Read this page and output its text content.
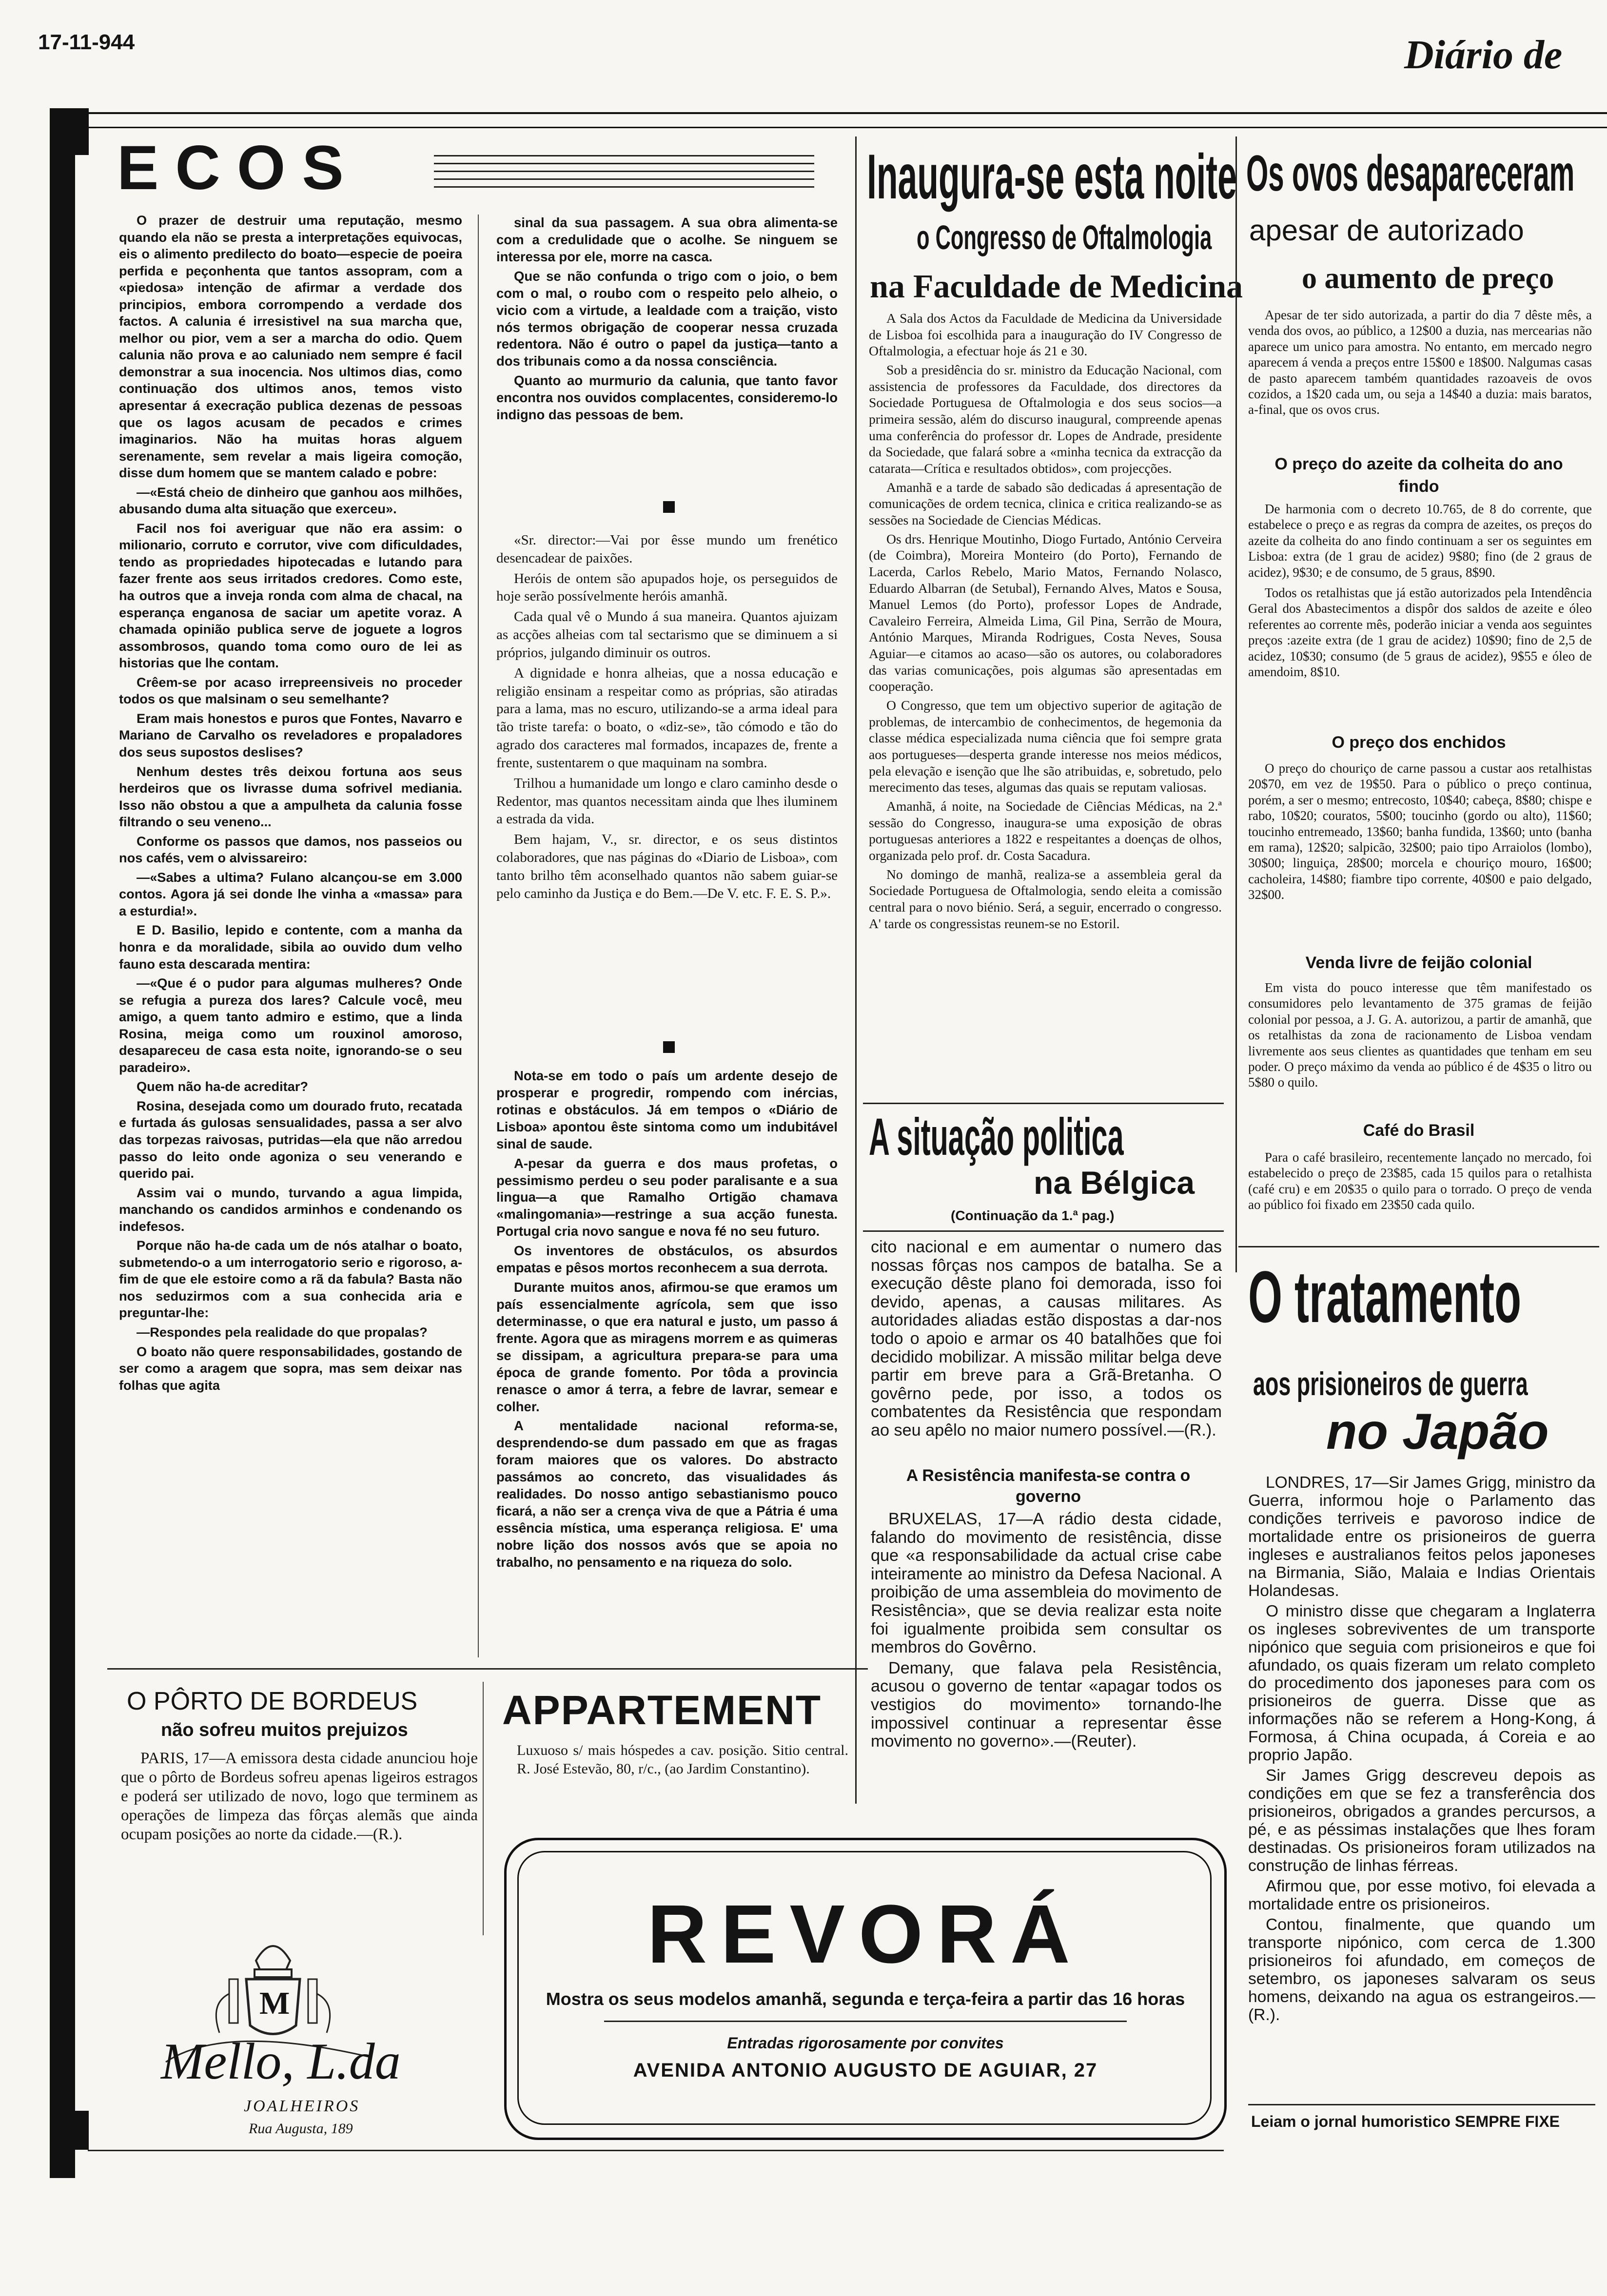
17-11-944	Diário de
ECOS

O prazer de destruir uma reputação, mesmo quando ela não se presta a interpretações equivocas, eis o alimento predilecto do boato—especie de poeira perfida e peçonhenta que tantos assopram, com a «piedosa» intenção de afirmar a verdade dos principios, embora corrompendo a verdade dos factos. A calunia é irresistivel na sua marcha que, melhor ou pior, vem a ser a marcha do odio. Quem calunia não prova e ao caluniado nem sempre é facil demonstrar a sua inocencia. Nos ultimos dias, como continuação dos ultimos anos, temos visto apresentar á execração publica dezenas de pessoas que os lagos acusam de pecados e crimes imaginarios. Não ha muitas horas alguem serenamente, sem revelar a mais ligeira comoção, disse dum homem que se mantem calado e pobre:

—«Está cheio de dinheiro que ganhou aos milhões, abusando duma alta situação que exerceu».

Facil nos foi averiguar que não era assim: o milionario, corruto e corrutor, vive com dificuldades, tendo as propriedades hipotecadas e lutando para fazer frente aos seus irritados credores. Como este, ha outros que a inveja ronda com alma de chacal, na esperança enganosa de saciar um apetite voraz. A chamada opinião publica serve de joguete a logros assombrosos, quando toma como ouro de lei as historias que lhe contam.

Crêem-se por acaso irrepreensiveis no proceder todos os que malsinam o seu semelhante?

Eram mais honestos e puros que Fontes, Navarro e Mariano de Carvalho os reveladores e propaladores dos seus supostos deslises?

Nenhum destes três deixou fortuna aos seus herdeiros que os livrasse duma sofrivel mediania. Isso não obstou a que a ampulheta da calunia fosse filtrando o seu veneno...

Conforme os passos que damos, nos passeios ou nos cafés, vem o alvissareiro:

—«Sabes a ultima? Fulano alcançou-se em 3.000 contos. Agora já sei donde lhe vinha a «massa» para a esturdia!».

E D. Basilio, lepido e contente, com a manha da honra e da moralidade, sibila ao ouvido dum velho fauno esta descarada mentira:

—«Que é o pudor para algumas mulheres? Onde se refugia a pureza dos lares? Calcule você, meu amigo, a quem tanto admiro e estimo, que a linda Rosina, meiga como um rouxinol amoroso, desapareceu de casa esta noite, ignorando-se o seu paradeiro».

Quem não ha-de acreditar?

Rosina, desejada como um dourado fruto, recatada e furtada ás gulosas sensualidades, passa a ser alvo das torpezas raivosas, putridas—ela que não arredou passo do leito onde agoniza o seu venerando e querido pai.

Assim vai o mundo, turvando a agua limpida, manchando os candidos arminhos e condenando os indefesos.

Porque não ha-de cada um de nós atalhar o boato, submetendo-o a um interrogatorio serio e rigoroso, a-fim de que ele estoire como a rã da fabula? Basta não nos seduzirmos com a sua conhecida aria e preguntar-lhe:

—Respondes pela realidade do que propalas?

O boato não quere responsabilidades, gostando de ser como a aragem que sopra, mas sem deixar nas folhas que agita

sinal da sua passagem. A sua obra alimenta-se com a credulidade que o acolhe. Se ninguem se interessa por ele, morre na casca.

Que se não confunda o trigo com o joio, o bem com o mal, o roubo com o respeito pelo alheio, o vicio com a virtude, a lealdade com a traição, visto nós termos obrigação de cooperar nessa cruzada redentora. Não é outro o papel da justiça—tanto a dos tribunais como a da nossa consciência.

Quanto ao murmurio da calunia, que tanto favor encontra nos ouvidos complacentes, consideremo-lo indigno das pessoas de bem.

«Sr. director:—Vai por êsse mundo um frenético desencadear de paixões.

Heróis de ontem são apupados hoje, os perseguidos de hoje serão possívelmente heróis amanhã.

Cada qual vê o Mundo á sua maneira. Quantos ajuizam as acções alheias com tal sectarismo que se diminuem a si próprios, julgando diminuir os outros.

A dignidade e honra alheias, que a nossa educação e religião ensinam a respeitar como as próprias, são atiradas para a lama, mas no escuro, utilizando-se a arma ideal para tão triste tarefa: o boato, o «diz-se», tão cómodo e tão do agrado dos caracteres mal formados, incapazes de, frente a frente, sustentarem o que maquinam na sombra.

Trilhou a humanidade um longo e claro caminho desde o Redentor, mas quantos necessitam ainda que lhes iluminem a estrada da vida.

Bem hajam, V., sr. director, e os seus distintos colaboradores, que nas páginas do «Diario de Lisboa», com tanto brilho têm aconselhado quantos não sabem guiar-se pelo caminho da Justiça e do Bem.—De V. etc. F. E. S. P.».

Nota-se em todo o país um ardente desejo de prosperar e progredir, rompendo com inércias, rotinas e obstáculos. Já em tempos o «Diário de Lisboa» apontou êste sintoma como um indubitável sinal de saude.

A-pesar da guerra e dos maus profetas, o pessimismo perdeu o seu poder paralisante e a sua lingua—a que Ramalho Ortigão chamava «malingomania»—restringe a sua acção funesta. Portugal cria novo sangue e nova fé no seu futuro.

Os inventores de obstáculos, os absurdos empatas e pêsos mortos reconhecem a sua derrota.

Durante muitos anos, afirmou-se que eramos um país essencialmente agrícola, sem que isso determinasse, o que era natural e justo, um passo á frente. Agora que as miragens morrem e as quimeras se dissipam, a agricultura prepara-se para uma época de grande fomento. Por tôda a provincia renasce o amor á terra, a febre de lavrar, semear e colher.

A mentalidade nacional reforma-se, desprendendo-se dum passado em que as fragas foram maiores que os valores. Do abstracto passámos ao concreto, das visualidades ás realidades. Do nosso antigo sebastianismo pouco ficará, a não ser a crença viva de que a Pátria é uma essência mística, uma esperança religiosa. E' uma nobre lição dos nossos avós que se apoia no trabalho, no pensamento e na riqueza do solo.

O PÔRTO DE BORDEUS
não sofreu muitos prejuizos
PARIS, 17—A emissora desta cidade anunciou hoje que o pôrto de Bordeus sofreu apenas ligeiros estragos e poderá ser utilizado de novo, logo que terminem as operações de limpeza das fôrças alemãs que ainda ocupam posições ao norte da cidade.—(R.).
M
Mello, L.da
JOALHEIROS
Rua Augusta, 189
APPARTEMENT
Luxuoso s/ mais hóspedes a cav. posição. Sitio central. R. José Estevão, 80, r/c., (ao Jardim Constantino).
REVORÁ
Mostra os seus modelos amanhã, segunda e terça-feira a partir das 16 horas
Entradas rigorosamente por convites
AVENIDA ANTONIO AUGUSTO DE AGUIAR, 27
Inaugura-se esta noite
o Congresso de Oftalmologia
na Faculdade de Medicina

A Sala dos Actos da Faculdade de Medicina da Universidade de Lisboa foi escolhida para a inauguração do IV Congresso de Oftalmologia, a efectuar hoje ás 21 e 30.

Sob a presidência do sr. ministro da Educação Nacional, com assistencia de professores da Faculdade, dos directores da Sociedade Portuguesa de Oftalmologia e dos seus socios—a primeira sessão, além do discurso inaugural, compreende apenas uma conferência do professor dr. Lopes de Andrade, presidente da Sociedade, que falará sobre a «minha tecnica da extracção da catarata—Crítica e resultados obtidos», com projecções.

Amanhã e a tarde de sabado são dedicadas á apresentação de comunicações de ordem tecnica, clinica e critica realizando-se as sessões na Sociedade de Ciencias Médicas.

Os drs. Henrique Moutinho, Diogo Furtado, António Cerveira (de Coimbra), Moreira Monteiro (do Porto), Fernando de Lacerda, Carlos Rebelo, Mario Matos, Fernando Nolasco, Eduardo Albarran (de Setubal), Fernando Alves, Matos e Sousa, Manuel Lemos (do Porto), professor Lopes de Andrade, Cavaleiro Ferreira, Almeida Lima, Gil Pina, Serrão de Moura, António Marques, Miranda Rodrigues, Costa Neves, Sousa Aguiar—e citamos ao acaso—são os autores, ou colaboradores das varias comunicações, pois algumas são apresentadas em cooperação.

O Congresso, que tem um objectivo superior de agitação de problemas, de intercambio de conhecimentos, de hegemonia da classe médica especializada numa ciência que foi sempre grata aos portugueses—desperta grande interesse nos meios médicos, pela elevação e isenção que lhe são atribuidas, e, sobretudo, pelo merecimento das teses, algumas das quais se reputam valiosas.

Amanhã, á noite, na Sociedade de Ciências Médicas, na 2.ª sessão do Congresso, inaugura-se uma exposição de obras portuguesas anteriores a 1822 e respeitantes a doenças de olhos, organizada pelo prof. dr. Costa Sacadura.

No domingo de manhã, realiza-se a assembleia geral da Sociedade Portuguesa de Oftalmologia, sendo eleita a comissão central para o novo biénio. Será, a seguir, encerrado o congresso. A' tarde os congressistas reunem-se no Estoril.

A situação politica
na Bélgica
(Continuação da 1.ª pag.)
cito nacional e em aumentar o numero das nossas fôrças nos campos de batalha. Se a execução dêste plano foi demorada, isso foi devido, apenas, a causas militares. As autoridades aliadas estão dispostas a dar-nos todo o apoio e armar os 40 batalhões que foi decidido mobilizar. A missão militar belga deve partir em breve para a Grã-Bretanha. O govêrno pede, por isso, a todos os combatentes da Resistência que respondam ao seu apêlo no maior numero possível.—(R.).
A Resistência manifesta-se contra o governo

BRUXELAS, 17—A rádio desta cidade, falando do movimento de resistência, disse que «a responsabilidade da actual crise cabe inteiramente ao ministro da Defesa Nacional. A proibição de uma assembleia do movimento de Resistência», que se devia realizar esta noite foi igualmente proibida sem consultar os membros do Govêrno.

Demany, que falava pela Resistência, acusou o governo de tentar «apagar todos os vestigios do movimento» tornando-lhe impossivel continuar a representar êsse movimento no governo».—(Reuter).

Os ovos desapareceram
apesar de autorizado
o aumento de preço
Apesar de ter sido autorizada, a partir do dia 7 dêste mês, a venda dos ovos, ao público, a 12$00 a duzia, nas mercearias não aparece um unico para amostra. No entanto, em mercado negro aparecem á venda a preços entre 15$00 e 18$00. Nalgumas casas de pasto aparecem também quantidades razoaveis de ovos cozidos, a 1$20 cada um, ou seja a 14$40 a duzia: mais baratos, a-final, que os ovos crus.
O preço do azeite da colheita do ano findo
De harmonia com o decreto 10.765, de 8 do corrente, que estabelece o preço e as regras da compra de azeites, os preços do azeite da colheita do ano findo continuam a ser os seguintes em Lisboa: extra (de 1 grau de acidez) 9$80; fino (de 2 graus de acidez), 9$30; e de consumo, de 5 graus, 8$90.
Todos os retalhistas que já estão autorizados pela Intendência Geral dos Abastecimentos a dispôr dos saldos de azeite e óleo referentes ao corrente mês, poderão iniciar a venda aos seguintes preços :azeite extra (de 1 grau de acidez) 10$90; fino de 2,5 de acidez, 10$30; consumo (de 5 graus de acidez), 9$55 e óleo de amendoim, 8$10.
O preço dos enchidos
O preço do chouriço de carne passou a custar aos retalhistas 20$70, em vez de 19$50. Para o público o preço continua, porém, a ser o mesmo; entrecosto, 10$40; cabeça, 8$80; chispe e rabo, 10$20; couratos, 5$00; toucinho (gordo ou alto), 11$60; toucinho entremeado, 13$60; banha fundida, 13$60; unto (banha em rama), 12$20; salpicão, 32$00; paio tipo Arraiolos (lombo), 30$00; linguiça, 28$00; morcela e chouriço mouro, 16$00; cacholeira, 14$80; fiambre tipo corrente, 40$00 e paio delgado, 32$00.
Venda livre de feijão colonial
Em vista do pouco interesse que têm manifestado os consumidores pelo levantamento de 375 gramas de feijão colonial por pessoa, a J. G. A. autorizou, a partir de amanhã, que os retalhistas da zona de racionamento de Lisboa vendam livremente aos seus clientes as quantidades que tenham em seu poder. O preço máximo da venda ao público é de 4$35 o litro ou 5$80 o quilo.
Café do Brasil
Para o café brasileiro, recentemente lançado no mercado, foi estabelecido o preço de 23$85, cada 15 quilos para o retalhista (café cru) e em 20$35 o quilo para o torrado. O preço de venda ao público foi fixado em 23$50 cada quilo.
O tratamento
aos prisioneiros de guerra
no Japão

LONDRES, 17—Sir James Grigg, ministro da Guerra, informou hoje o Parlamento das condições terriveis e pavoroso indice de mortalidade entre os prisioneiros de guerra ingleses e australianos feitos pelos japoneses na Birmania, Sião, Malaia e Indias Orientais Holandesas.

O ministro disse que chegaram a Inglaterra os ingleses sobreviventes de um transporte nipónico que seguia com prisioneiros e que foi afundado, os quais fizeram um relato completo do procedimento dos japoneses para com os prisioneiros de guerra. Disse que as informações não se referem a Hong-Kong, á Formosa, á China ocupada, á Coreia e ao proprio Japão.

Sir James Grigg descreveu depois as condições em que se fez a transferência dos prisioneiros, obrigados a grandes percursos, a pé, e as péssimas instalações que lhes foram destinadas. Os prisioneiros foram utilizados na construção de linhas férreas.

Afirmou que, por esse motivo, foi elevada a mortalidade entre os prisioneiros.

Contou, finalmente, que quando um transporte nipónico, com cerca de 1.300 prisioneiros foi afundado, em começos de setembro, os japoneses salvaram os seus homens, deixando na agua os estrangeiros.—(R.).

Leiam o jornal humoristico SEMPRE FIXE
